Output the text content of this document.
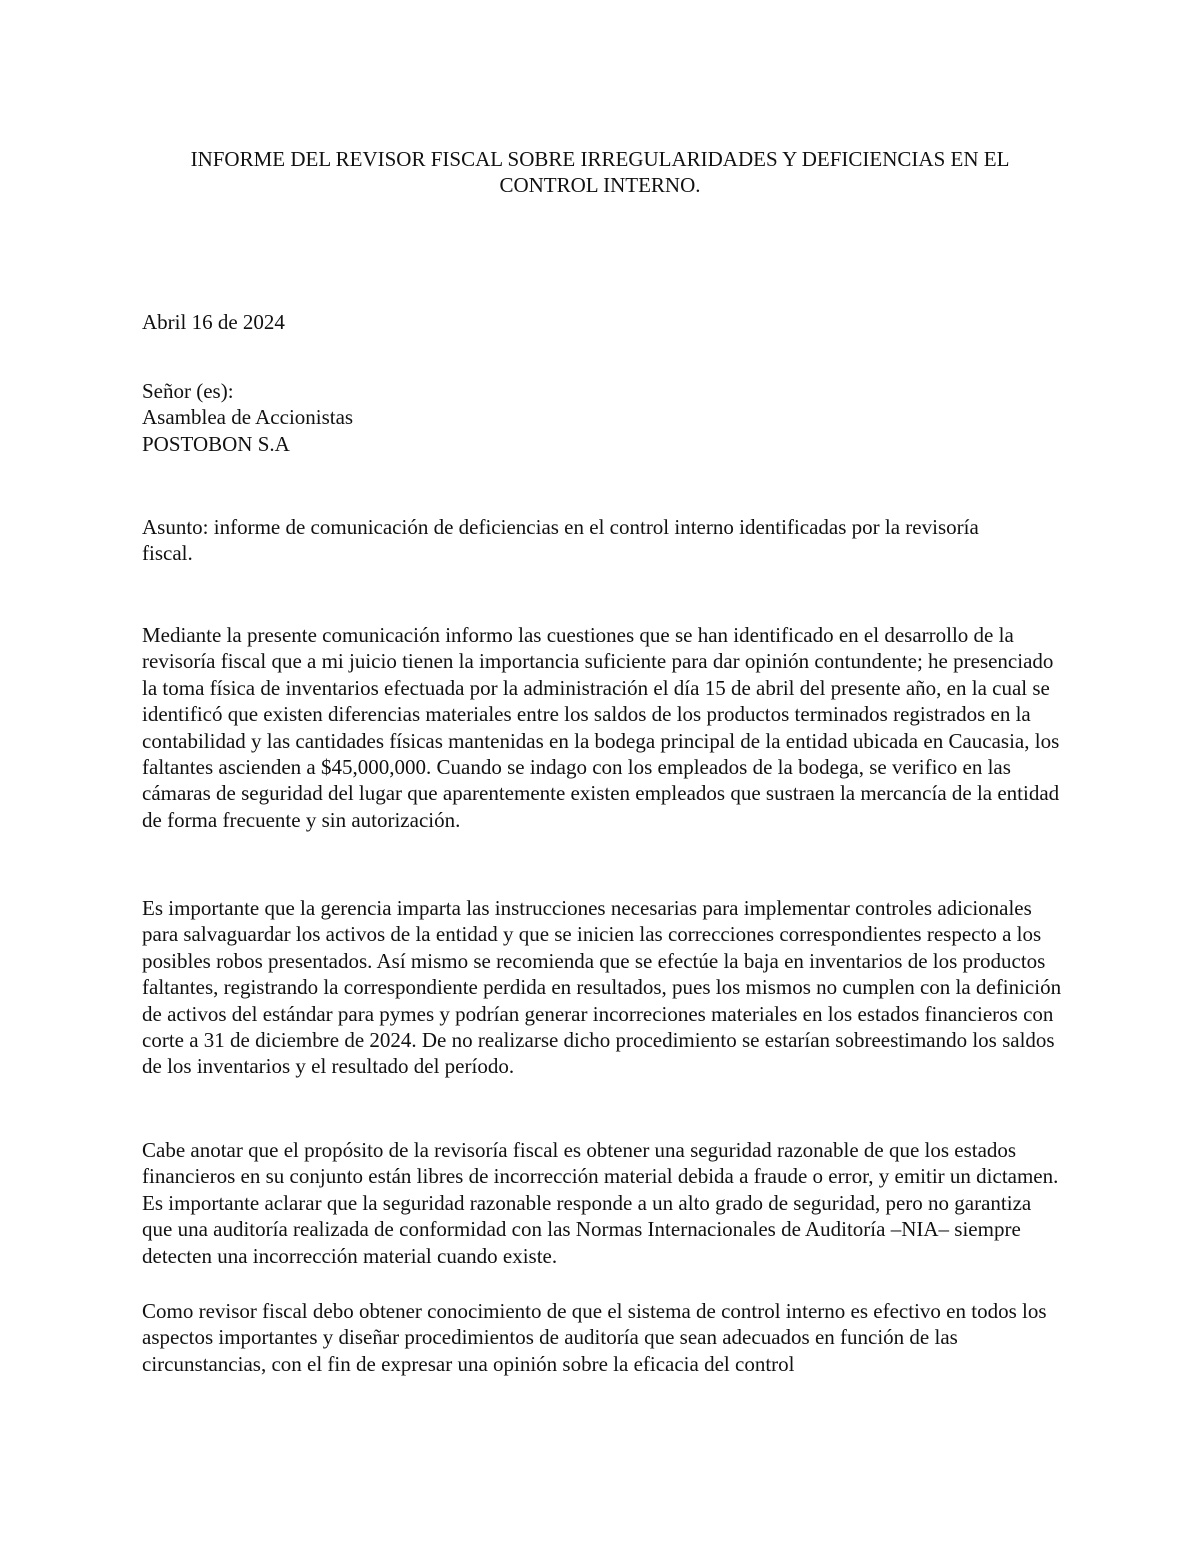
INFORME DEL REVISOR FISCAL SOBRE IRREGULARIDADES Y DEFICIENCIAS EN EL CONTROL INTERNO.

Abril 16 de 2024

Señor (es):
Asamblea de Accionistas
POSTOBON S.A

Asunto: informe de comunicación de deficiencias en el control interno identificadas por la revisoría fiscal.

Mediante la presente comunicación informo las cuestiones que se han identificado en el desarrollo de la revisoría fiscal que a mi juicio tienen la importancia suficiente para dar opinión contundente; he presenciado la toma física de inventarios efectuada por la administración el día 15 de abril del presente año, en la cual se identificó que existen diferencias materiales entre los saldos de los productos terminados registrados en la contabilidad y las cantidades físicas mantenidas en la bodega principal de la entidad ubicada en Caucasia, los faltantes ascienden a $45,000,000. Cuando se indago con los empleados de la bodega, se verifico en las cámaras de seguridad del lugar que aparentemente existen empleados que sustraen la mercancía de la entidad de forma frecuente y sin autorización.

Es importante que la gerencia imparta las instrucciones necesarias para implementar controles adicionales para salvaguardar los activos de la entidad y que se inicien las correcciones correspondientes respecto a los posibles robos presentados. Así mismo se recomienda que se efectúe la baja en inventarios de los productos faltantes, registrando la correspondiente perdida en resultados, pues los mismos no cumplen con la definición de activos del estándar para pymes y podrían generar incorreciones materiales en los estados financieros con corte a 31 de diciembre de 2024. De no realizarse dicho procedimiento se estarían sobreestimando los saldos de los inventarios y el resultado del período.

Cabe anotar que el propósito de la revisoría fiscal es obtener una seguridad razonable de que los estados financieros en su conjunto están libres de incorrección material debida a fraude o error, y emitir un dictamen. Es importante aclarar que la seguridad razonable responde a un alto grado de seguridad, pero no garantiza que una auditoría realizada de conformidad con las Normas Internacionales de Auditoría –NIA– siempre detecten una incorrección material cuando existe.

Como revisor fiscal debo obtener conocimiento de que el sistema de control interno es efectivo en todos los aspectos importantes y diseñar procedimientos de auditoría que sean adecuados en función de las circunstancias, con el fin de expresar una opinión sobre la eficacia del control
